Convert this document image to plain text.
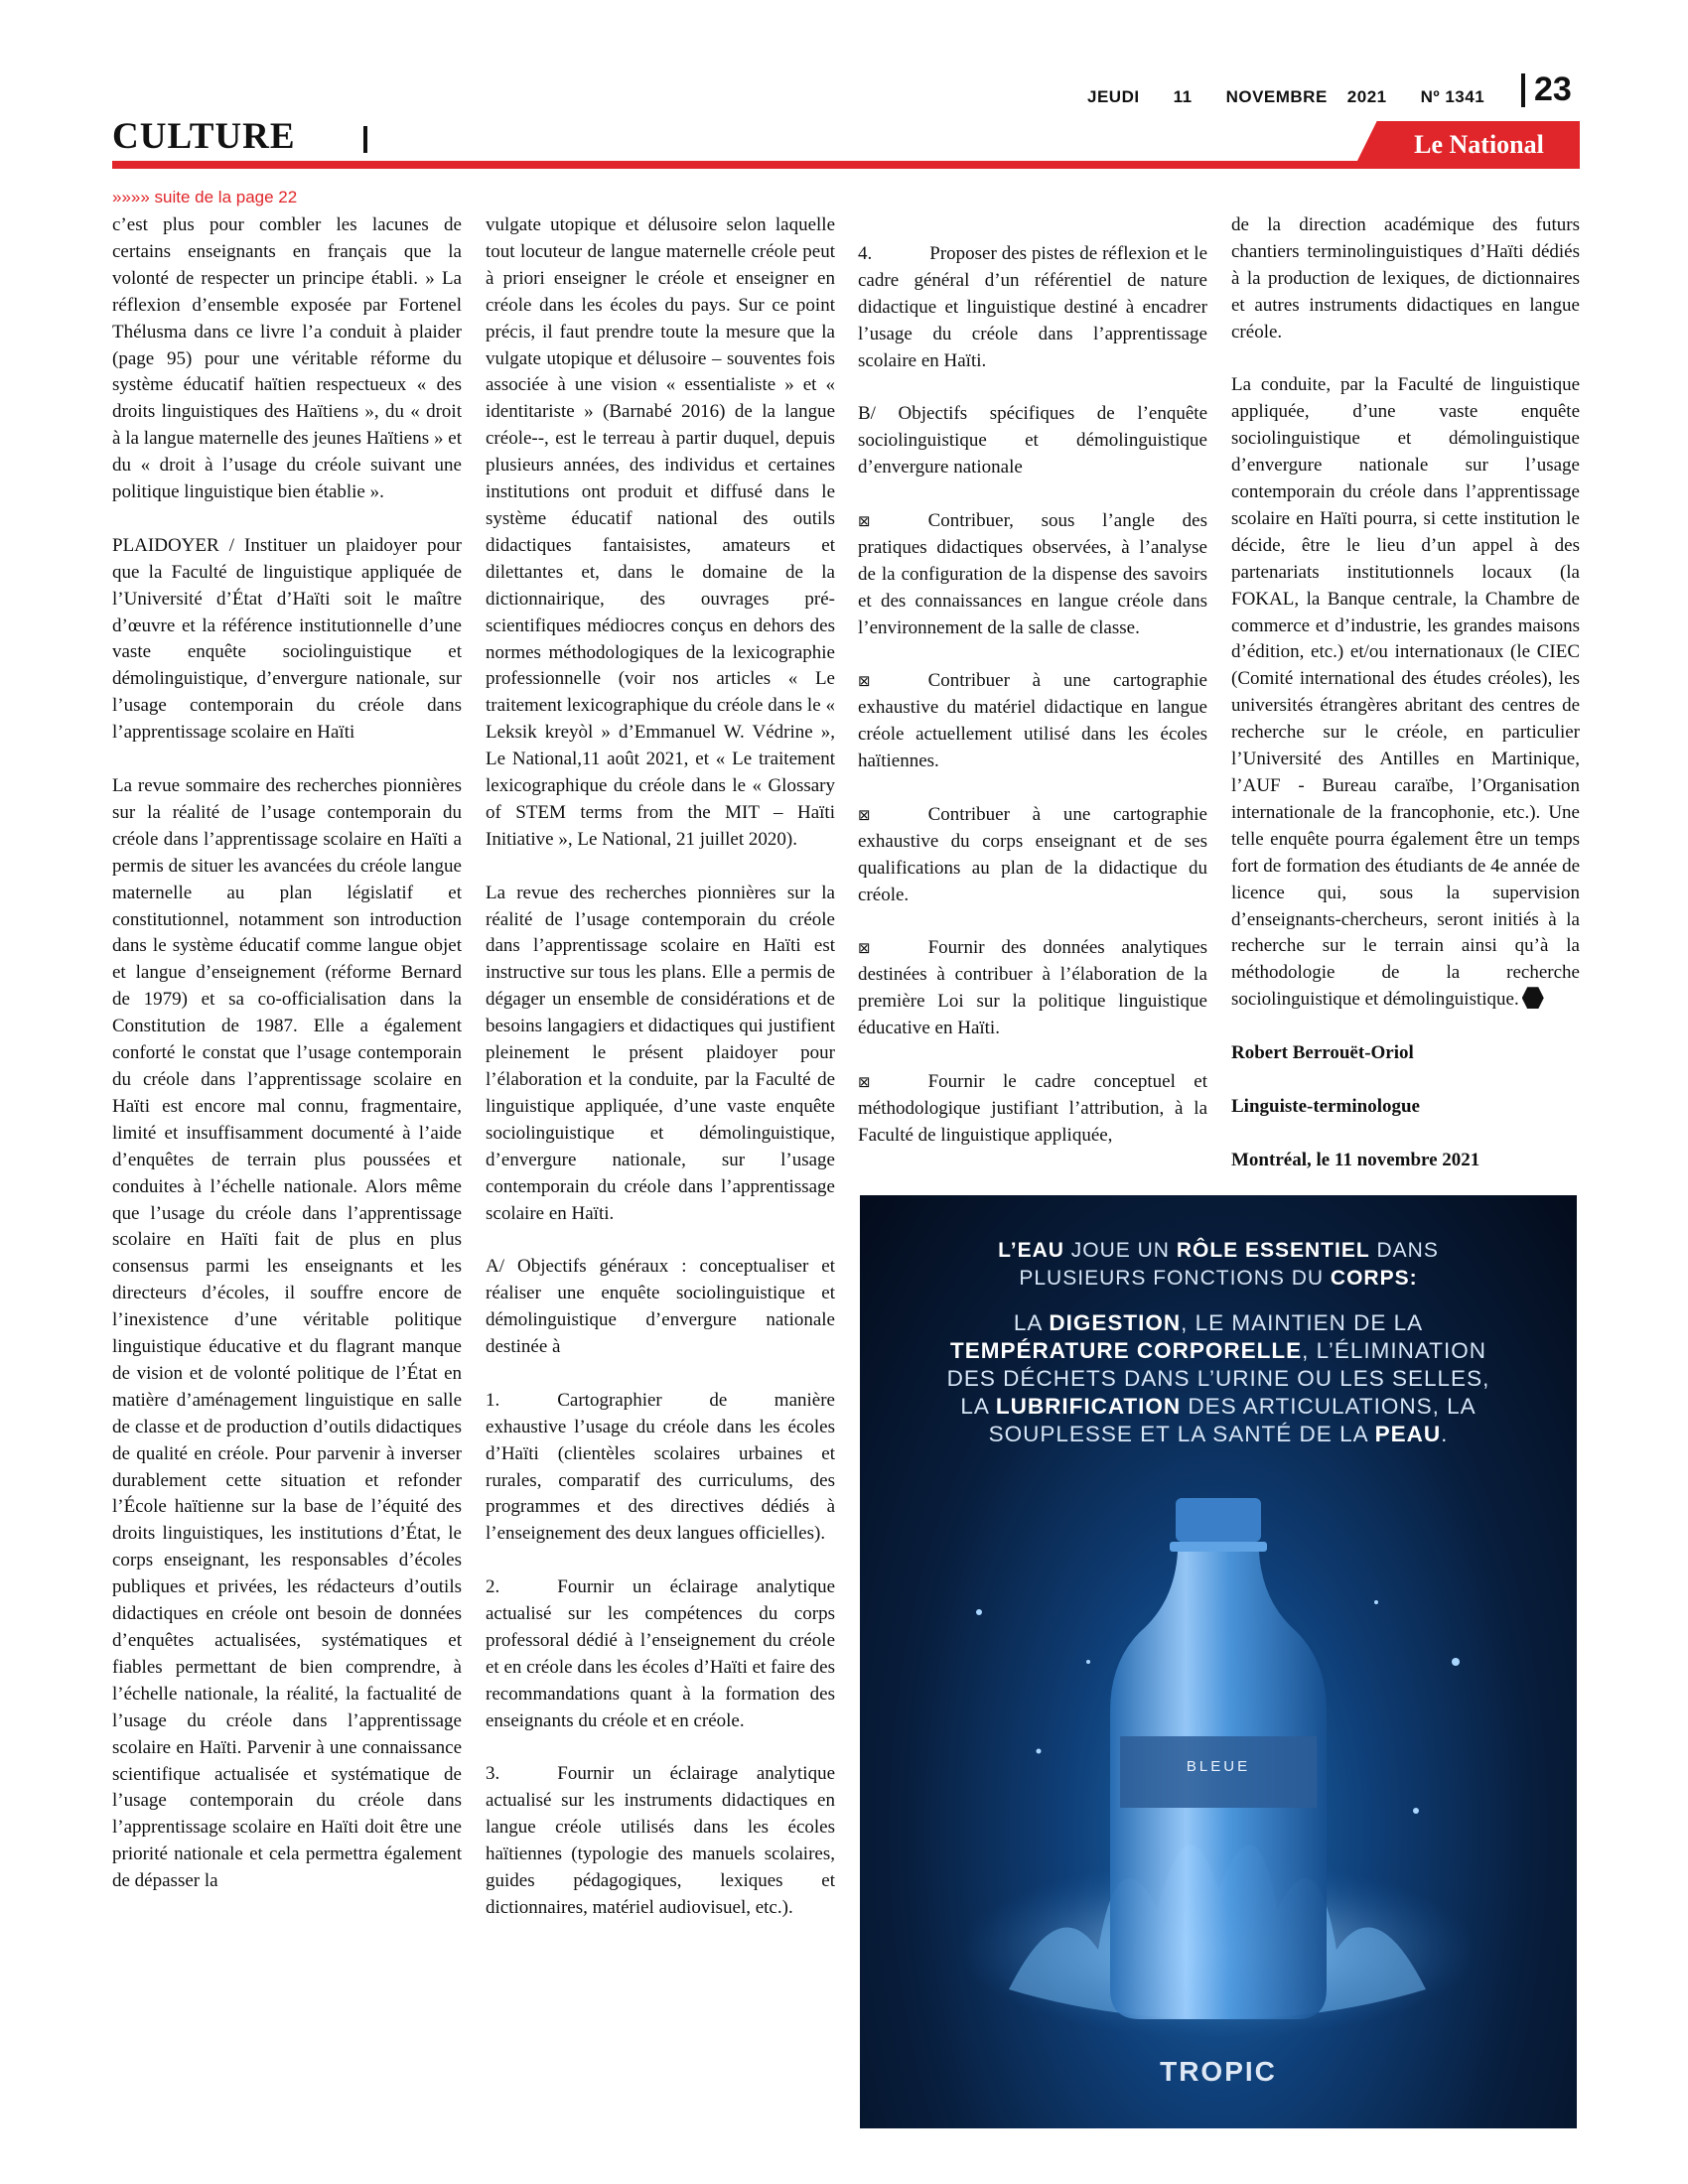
JEUDI 11 NOVEMBRE 2021 Nº 1341 23
CULTURE	Le National
»»»» suite de la page 22

c’est plus pour combler les lacunes de certains enseignants en français que la volonté de respecter un principe établi. » La réflexion d’ensemble exposée par Fortenel Thélusma dans ce livre l’a conduit à plaider (page 95) pour une véritable réforme du système éducatif haïtien respectueux « des droits linguistiques des Haïtiens », du « droit à la langue maternelle des jeunes Haïtiens » et du « droit à l’usage du créole suivant une politique linguistique bien établie ».

PLAIDOYER / Instituer un plaidoyer pour que la Faculté de linguistique appliquée de l’Université d’État d’Haïti soit le maître d’œuvre et la référence institutionnelle d’une vaste enquête sociolinguistique et démolinguistique, d’envergure nationale, sur l’usage contemporain du créole dans l’apprentissage scolaire en Haïti

La revue sommaire des recherches pionnières sur la réalité de l’usage contemporain du créole dans l’apprentissage scolaire en Haïti a permis de situer les avancées du créole langue maternelle au plan législatif et constitutionnel, notamment son introduction dans le système éducatif comme langue objet et langue d’enseignement (réforme Bernard de 1979) et sa co-officialisation dans la Constitution de 1987. Elle a également conforté le constat que l’usage contemporain du créole dans l’apprentissage scolaire en Haïti est encore mal connu, fragmentaire, limité et insuffisamment documenté à l’aide d’enquêtes de terrain plus poussées et conduites à l’échelle nationale. Alors même que l’usage du créole dans l’apprentissage scolaire en Haïti fait de plus en plus consensus parmi les enseignants et les directeurs d’écoles, il souffre encore de l’inexistence d’une véritable politique linguistique éducative et du flagrant manque de vision et de volonté politique de l’État en matière d’aménagement linguistique en salle de classe et de production d’outils didactiques de qualité en créole. Pour parvenir à inverser durablement cette situation et refonder l’École haïtienne sur la base de l’équité des droits linguistiques, les institutions d’État, le corps enseignant, les responsables d’écoles publiques et privées, les rédacteurs d’outils didactiques en créole ont besoin de données d’enquêtes actualisées, systématiques et fiables permettant de bien comprendre, à l’échelle nationale, la réalité, la factualité de l’usage du créole dans l’apprentissage scolaire en Haïti. Parvenir à une connaissance scientifique actualisée et systématique de l’usage contemporain du créole dans l’apprentissage scolaire en Haïti doit être une priorité nationale et cela permettra également de dépasser la

vulgate utopique et délusoire selon laquelle tout locuteur de langue maternelle créole peut à priori enseigner le créole et enseigner en créole dans les écoles du pays. Sur ce point précis, il faut prendre toute la mesure que la vulgate utopique et délusoire – souventes fois associée à une vision « essentialiste » et « identitariste » (Barnabé 2016) de la langue créole--, est le terreau à partir duquel, depuis plusieurs années, des individus et certaines institutions ont produit et diffusé dans le système éducatif national des outils didactiques fantaisistes, amateurs et dilettantes et, dans le domaine de la dictionnairique, des ouvrages pré-scientifiques médiocres conçus en dehors des normes méthodologiques de la lexicographie professionnelle (voir nos articles « Le traitement lexicographique du créole dans le « Leksik kreyòl » d’Emmanuel W. Védrine », Le National,11 août 2021, et « Le traitement lexicographique du créole dans le « Glossary of STEM terms from the MIT – Haïti Initiative », Le National, 21 juillet 2020).

La revue des recherches pionnières sur la réalité de l’usage contemporain du créole dans l’apprentissage scolaire en Haïti est instructive sur tous les plans. Elle a permis de dégager un ensemble de considérations et de besoins langagiers et didactiques qui justifient pleinement le présent plaidoyer pour l’élaboration et la conduite, par la Faculté de linguistique appliquée, d’une vaste enquête sociolinguistique et démolinguistique, d’envergure nationale, sur l’usage contemporain du créole dans l’apprentissage scolaire en Haïti.

A/ Objectifs généraux : conceptualiser et réaliser une enquête sociolinguistique et démolinguistique d’envergure nationale destinée à

1.	Cartographier de manière exhaustive l’usage du créole dans les écoles d’Haïti (clientèles scolaires urbaines et rurales, comparatif des curriculums, des programmes et des directives dédiés à l’enseignement des deux langues officielles).

2.	Fournir un éclairage analytique actualisé sur les compétences du corps professoral dédié à l’enseignement du créole et en créole dans les écoles d’Haïti et faire des recommandations quant à la formation des enseignants du créole et en créole.

3.	Fournir un éclairage analytique actualisé sur les instruments didactiques en langue créole utilisés dans les écoles haïtiennes (typologie des manuels scolaires, guides pédagogiques, lexiques et dictionnaires, matériel audiovisuel, etc.).

4.	Proposer des pistes de réflexion et le cadre général d’un référentiel de nature didactique et linguistique destiné à encadrer l’usage du créole dans l’apprentissage scolaire en Haïti.

B/ Objectifs spécifiques de l’enquête sociolinguistique et démolinguistique d’envergure nationale

⊠	Contribuer, sous l’angle des pratiques didactiques observées, à l’analyse de la configuration de la dispense des savoirs et des connaissances en langue créole dans l’environnement de la salle de classe.

⊠	Contribuer à une cartographie exhaustive du matériel didactique en langue créole actuellement utilisé dans les écoles haïtiennes.

⊠	Contribuer à une cartographie exhaustive du corps enseignant et de ses qualifications au plan de la didactique du créole.

⊠	Fournir des données analytiques destinées à contribuer à l’élaboration de la première Loi sur la politique linguistique éducative en Haïti.

⊠	Fournir le cadre conceptuel et méthodologique justifiant l’attribution, à la Faculté de linguistique appliquée,

de la direction académique des futurs chantiers terminolinguistiques d’Haïti dédiés à la production de lexiques, de dictionnaires et autres instruments didactiques en langue créole.

La conduite, par la Faculté de linguistique appliquée, d’une vaste enquête sociolinguistique et démolinguistique d’envergure nationale sur l’usage contemporain du créole dans l’apprentissage scolaire en Haïti pourra, si cette institution le décide, être le lieu d’un appel à des partenariats institutionnels locaux (la FOKAL, la Banque centrale, la Chambre de commerce et d’industrie, les grandes maisons d’édition, etc.) et/ou internationaux (le CIEC (Comité international des études créoles), les universités étrangères abritant des centres de recherche sur le créole, en particulier l’Université des Antilles en Martinique, l’AUF - Bureau caraïbe, l’Organisation internationale de la francophonie, etc.). Une telle enquête pourra également être un temps fort de formation des étudiants de 4e année de licence qui, sous la supervision d’enseignants-chercheurs, seront initiés à la recherche sur le terrain ainsi qu’à la méthodologie de la recherche sociolinguistique et démolinguistique.

Robert Berrouët-Oriol

Linguiste-terminologue

Montréal, le 11 novembre 2021

L’EAU JOUE UN RÔLE ESSENTIEL DANS
PLUSIEURS FONCTIONS DU CORPS:
LA DIGESTION, LE MAINTIEN DE LA
TEMPÉRATURE CORPORELLE, L’ÉLIMINATION
DES DÉCHETS DANS L’URINE OU LES SELLES,
LA LUBRIFICATION DES ARTICULATIONS, LA
SOUPLESSE ET LA SANTÉ DE LA PEAU.
BLEUE
TROPIC
